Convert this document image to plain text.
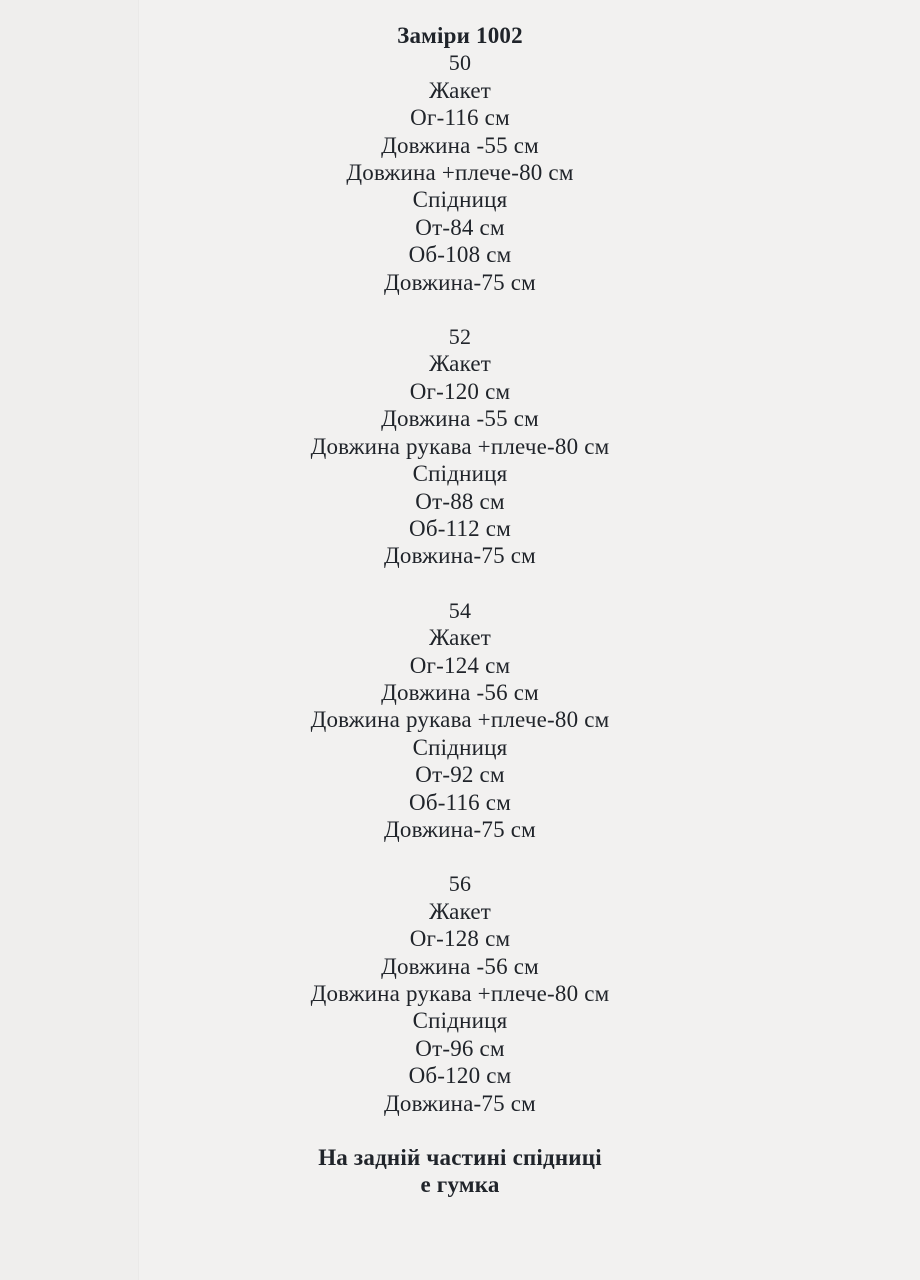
Заміри 1002
50
Жакет
Ог-116 см
Довжина -55 см
Довжина +плече-80 см
Спідниця
От-84 см
Об-108 см
Довжина-75 см
52
Жакет
Ог-120 см
Довжина -55 см
Довжина рукава +плече-80 см
Спідниця
От-88 см
Об-112 см
Довжина-75 см
54
Жакет
Ог-124 см
Довжина -56 см
Довжина рукава +плече-80 см
Спідниця
От-92 см
Об-116 см
Довжина-75 см
56
Жакет
Ог-128 см
Довжина -56 см
Довжина рукава +плече-80 см
Спідниця
От-96 см
Об-120 см
Довжина-75 см
На задній частині спідниці
е гумка
